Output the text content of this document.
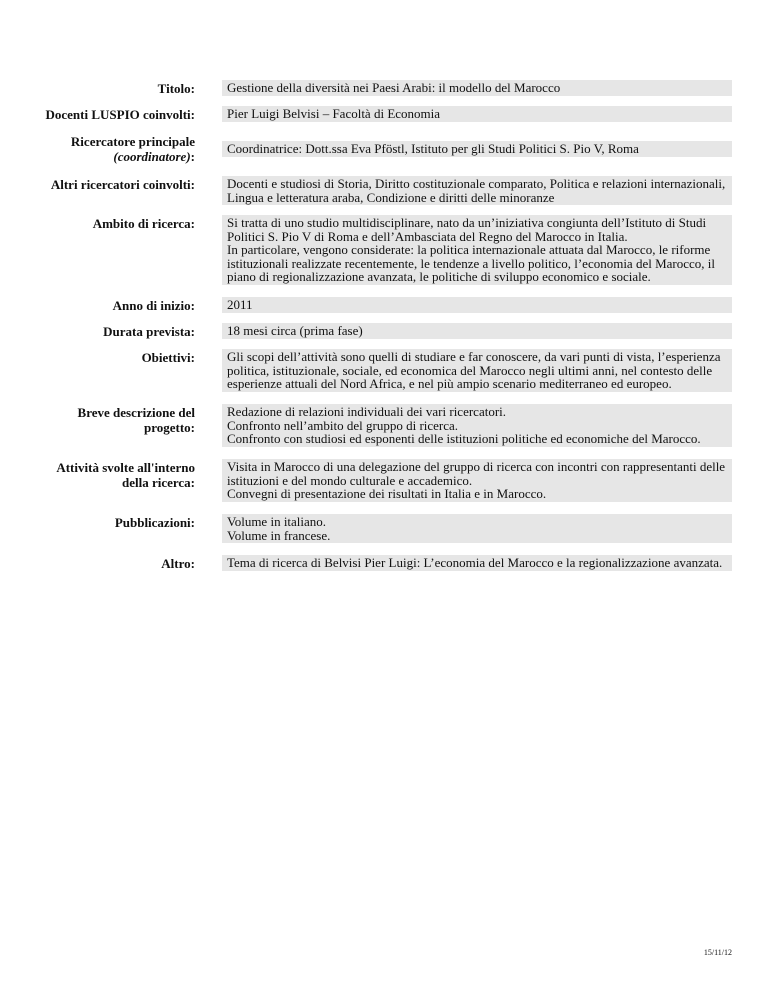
Titolo: Gestione della diversità nei Paesi Arabi: il modello del Marocco
Docenti LUSPIO coinvolti: Pier Luigi Belvisi – Facoltà di Economia
Ricercatore principale
(coordinatore):
Coordinatrice: Dott.ssa Eva Pföstl, Istituto per gli Studi Politici S. Pio V, Roma
Altri ricercatori coinvolti: Docenti e studiosi di Storia, Diritto costituzionale comparato, Politica e relazioni internazionali,
Lingua e letteratura araba, Condizione e diritti delle minoranze
Ambito di ricerca: Si tratta di uno studio multidisciplinare, nato da un’iniziativa congiunta dell’Istituto di Studi
Politici S. Pio V di Roma e dell’Ambasciata del Regno del Marocco in Italia.
In particolare, vengono considerate: la politica internazionale attuata dal Marocco, le riforme
istituzionali realizzate recentemente, le tendenze a livello politico, l’economia del Marocco, il
piano di regionalizzazione avanzata, le politiche di sviluppo economico e sociale.
Anno di inizio: 2011
Durata prevista: 18 mesi circa (prima fase)
Obiettivi: Gli scopi dell’attività sono quelli di studiare e far conoscere, da vari punti di vista, l’esperienza
politica, istituzionale, sociale, ed economica del Marocco negli ultimi anni, nel contesto delle
esperienze attuali del Nord Africa, e nel più ampio scenario mediterraneo ed europeo.
Breve descrizione del
progetto:
Redazione di relazioni individuali dei vari ricercatori.
Confronto nell’ambito del gruppo di ricerca.
Confronto con studiosi ed esponenti delle istituzioni politiche ed economiche del Marocco.
Attività svolte all'interno
della ricerca:
Visita in Marocco di una delegazione del gruppo di ricerca con incontri con rappresentanti delle
istituzioni e del mondo culturale e accademico.
Convegni di presentazione dei risultati in Italia e in Marocco.
Pubblicazioni: Volume in italiano.
Volume in francese.
Altro: Tema di ricerca di Belvisi Pier Luigi: L’economia del Marocco e la regionalizzazione avanzata.
15/11/12
